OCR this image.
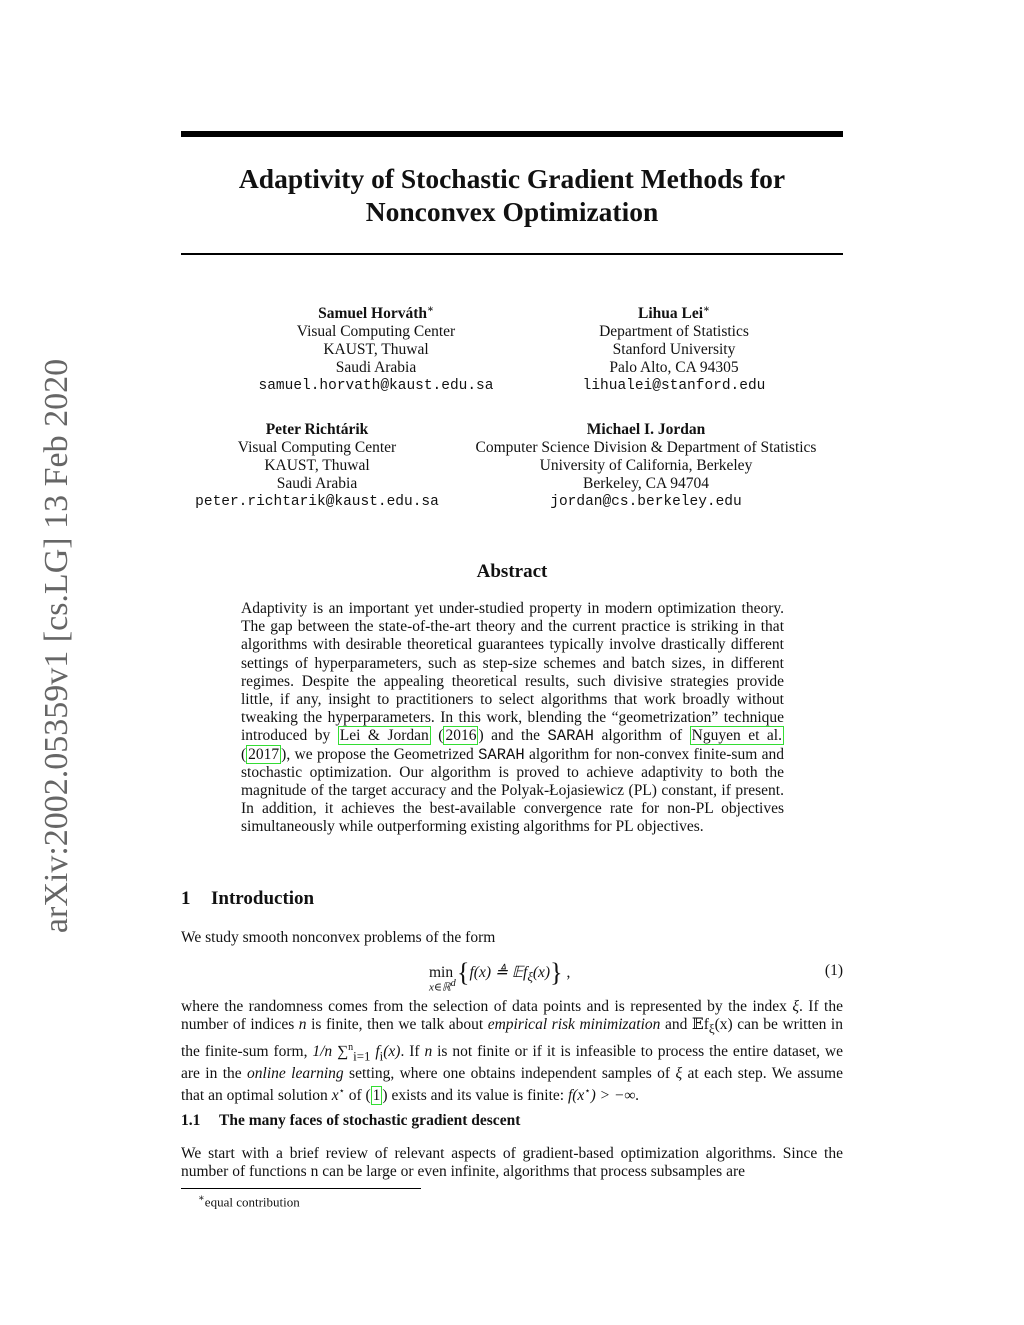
arXiv:2002.05359v1 [cs.LG] 13 Feb 2020
Adaptivity of Stochastic Gradient Methods for
Nonconvex Optimization
Samuel Horváth∗
Visual Computing Center
KAUST, Thuwal
Saudi Arabia
samuel.horvath@kaust.edu.sa
Lihua Lei∗
Department of Statistics
Stanford University
Palo Alto, CA 94305
lihualei@stanford.edu
Peter Richtárik
Visual Computing Center
KAUST, Thuwal
Saudi Arabia
peter.richtarik@kaust.edu.sa
Michael I. Jordan
Computer Science Division & Department of Statistics
University of California, Berkeley
Berkeley, CA 94704
jordan@cs.berkeley.edu
Abstract
Adaptivity is an important yet under-studied property in modern optimization theory. The gap between the state-of-the-art theory and the current practice is striking in that algorithms with desirable theoretical guarantees typically involve drastically different settings of hyperparameters, such as step-size schemes and batch sizes, in different regimes. Despite the appealing theoretical results, such divisive strategies provide little, if any, insight to practitioners to select algorithms that work broadly without tweaking the hyperparameters. In this work, blending the “geometrization” technique introduced by Lei & Jordan ( 2016 ) and the SARAH algorithm of Nguyen et al. ( 2017 ), we propose the Geometrized SARAH algorithm for non-convex finite-sum and stochastic optimization. Our algorithm is proved to achieve adaptivity to both the magnitude of the target accuracy and the Polyak-Łojasiewicz (PL) constant, if present. In addition, it achieves the best-available convergence rate for non-PL objectives simultaneously while outperforming existing algorithms for PL objectives.
1 Introduction
We study smooth nonconvex problems of the form
min {f(x) ≜ 𝔼f$_\xi$(x)} ,
x∈ℝ$^d$
(1)
where the randomness comes from the selection of data points and is represented by the index ξ. If the number of indices n is finite, then we talk about empirical risk minimization and 𝔼f$_\xi$(x) can be written in the finite-sum form, 1/n ∑$^n_{i=1}$ $f_i(x)$. If n is not finite or if it is infeasible to process the entire dataset, we are in the online learning setting, where one obtains independent samples of ξ at each step. We assume that an optimal solution x⋆ of ( 1 ) exists and its value is finite: f(x⋆) > −∞.
1.1 The many faces of stochastic gradient descent
We start with a brief review of relevant aspects of gradient-based optimization algorithms. Since the number of functions n can be large or even infinite, algorithms that process subsamples are
∗equal contribution
